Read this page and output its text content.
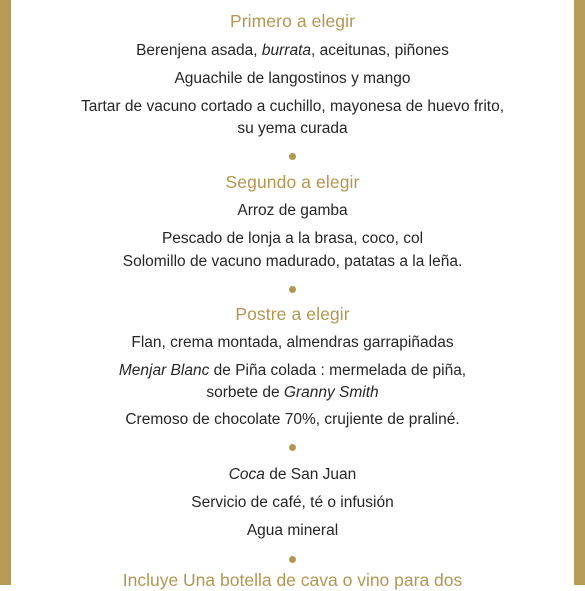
Primero a elegir
Berenjena asada, burrata, aceitunas, piñones
Aguachile de langostinos y mango
Tartar de vacuno cortado a cuchillo, mayonesa de huevo frito,
su yema curada
Segundo a elegir
Arroz de gamba
Pescado de lonja a la brasa, coco, col
Solomillo de vacuno madurado, patatas a la leña.
Postre a elegir
Flan, crema montada, almendras garrapiñadas
Menjar Blanc de Piña colada : mermelada de piña,
sorbete de Granny Smith
Cremoso de chocolate 70%, crujiente de praliné.
Coca de San Juan
Servicio de café, té o infusión
Agua mineral
Incluye Una botella de cava o vino para dos
